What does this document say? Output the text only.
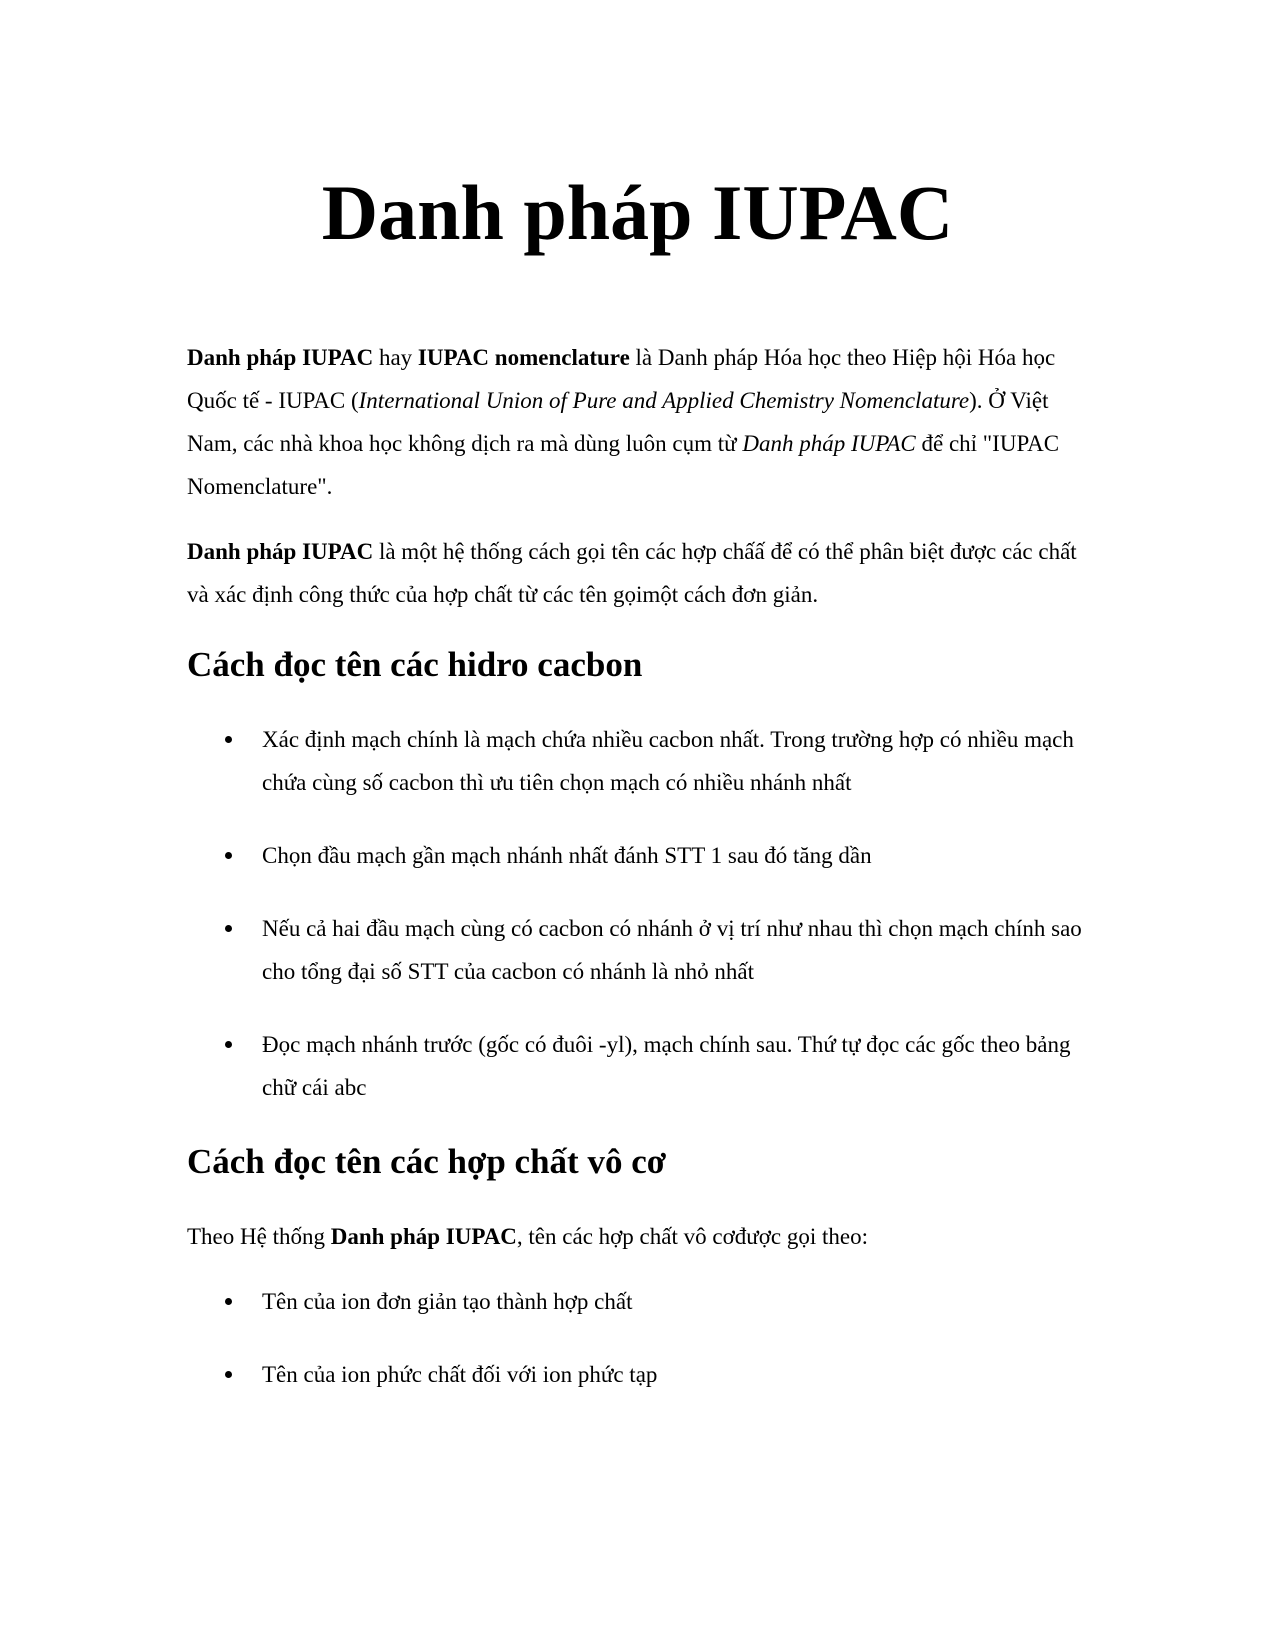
Danh pháp IUPAC

Danh pháp IUPAC hay IUPAC nomenclature là Danh pháp Hóa học theo Hiệp hội Hóa học Quốc tế - IUPAC (International Union of Pure and Applied Chemistry Nomenclature). Ở Việt Nam, các nhà khoa học không dịch ra mà dùng luôn cụm từ Danh pháp IUPAC để chỉ "IUPAC Nomenclature".

Danh pháp IUPAC là một hệ thống cách gọi tên các hợp chấấ để có thể phân biệt được các chất và xác định công thức của hợp chất từ các tên gọimột cách đơn giản.

Cách đọc tên các hidro cacbon
Xác định mạch chính là mạch chứa nhiều cacbon nhất. Trong trường hợp có nhiều mạch chứa cùng số cacbon thì ưu tiên chọn mạch có nhiều nhánh nhất
Chọn đầu mạch gần mạch nhánh nhất đánh STT 1 sau đó tăng dần
Nếu cả hai đầu mạch cùng có cacbon có nhánh ở vị trí như nhau thì chọn mạch chính sao cho tổng đại số STT của cacbon có nhánh là nhỏ nhất
Đọc mạch nhánh trước (gốc có đuôi -yl), mạch chính sau. Thứ tự đọc các gốc theo bảng chữ cái abc
Cách đọc tên các hợp chất vô cơ

Theo Hệ thống Danh pháp IUPAC, tên các hợp chất vô cơđược gọi theo:

Tên của ion đơn giản tạo thành hợp chất
Tên của ion phức chất đối với ion phức tạp
